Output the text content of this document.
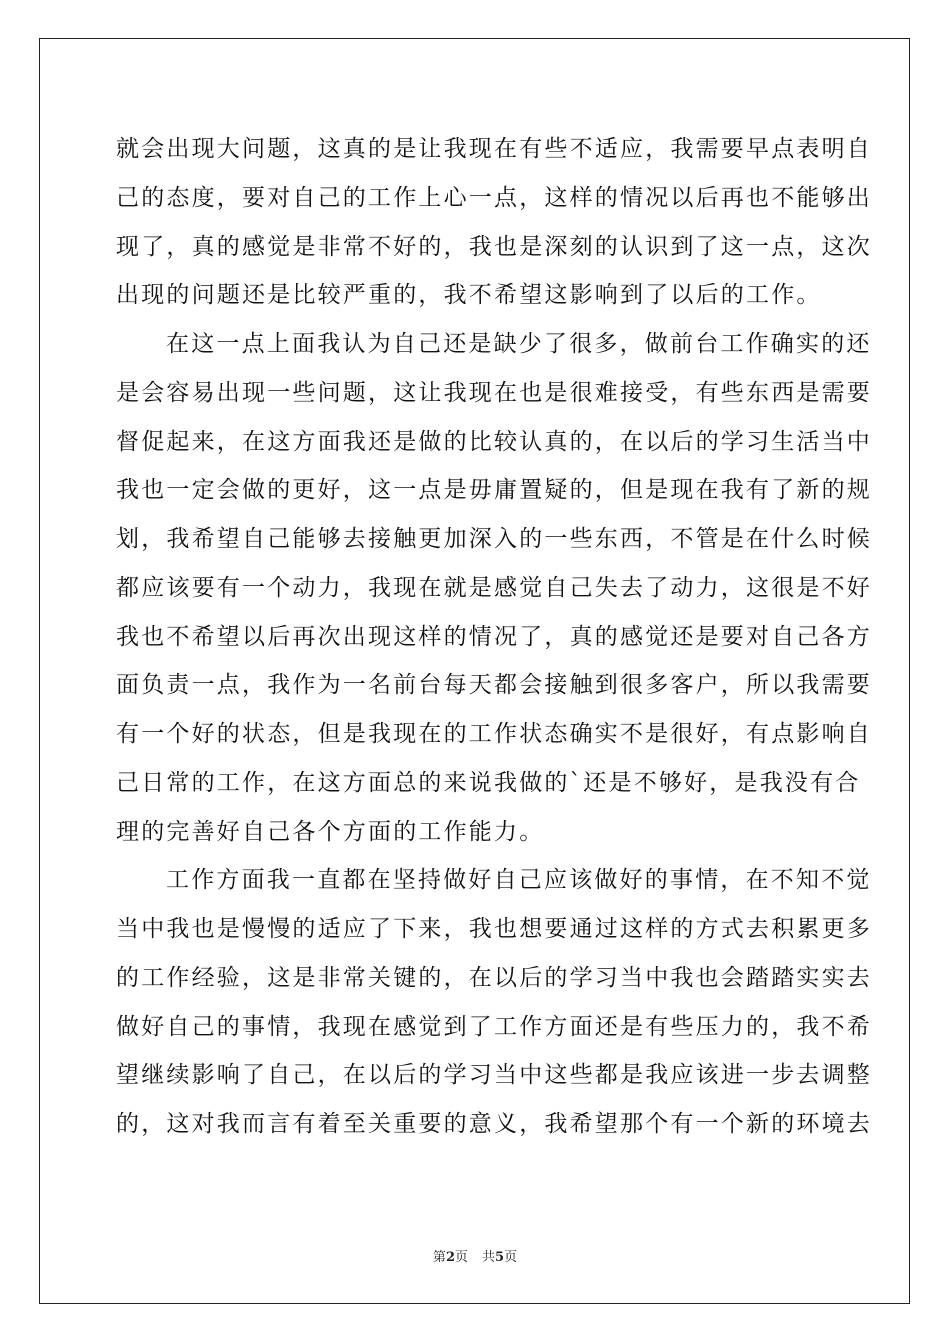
就会出现大问题，这真的是让我现在有些不适应，我需要早点表明自
己的态度，要对自己的工作上心一点，这样的情况以后再也不能够出
现了，真的感觉是非常不好的，我也是深刻的认识到了这一点，这次
出现的问题还是比较严重的，我不希望这影响到了以后的工作。
在这一点上面我认为自己还是缺少了很多，做前台工作确实的还
是会容易出现一些问题，这让我现在也是很难接受，有些东西是需要
督促起来，在这方面我还是做的比较认真的，在以后的学习生活当中
我也一定会做的更好，这一点是毋庸置疑的，但是现在我有了新的规
划，我希望自己能够去接触更加深入的一些东西，不管是在什么时候
都应该要有一个动力，我现在就是感觉自己失去了动力，这很是不好
我也不希望以后再次出现这样的情况了，真的感觉还是要对自己各方
面负责一点，我作为一名前台每天都会接触到很多客户，所以我需要
有一个好的状态，但是我现在的工作状态确实不是很好，有点影响自
己日常的工作，在这方面总的来说我做的`还是不够好，是我没有合
理的完善好自己各个方面的工作能力。
工作方面我一直都在坚持做好自己应该做好的事情，在不知不觉
当中我也是慢慢的适应了下来，我也想要通过这样的方式去积累更多
的工作经验，这是非常关键的，在以后的学习当中我也会踏踏实实去
做好自己的事情，我现在感觉到了工作方面还是有些压力的，我不希
望继续影响了自己，在以后的学习当中这些都是我应该进一步去调整
的，这对我而言有着至关重要的意义，我希望那个有一个新的环境去
第2页 共5页
